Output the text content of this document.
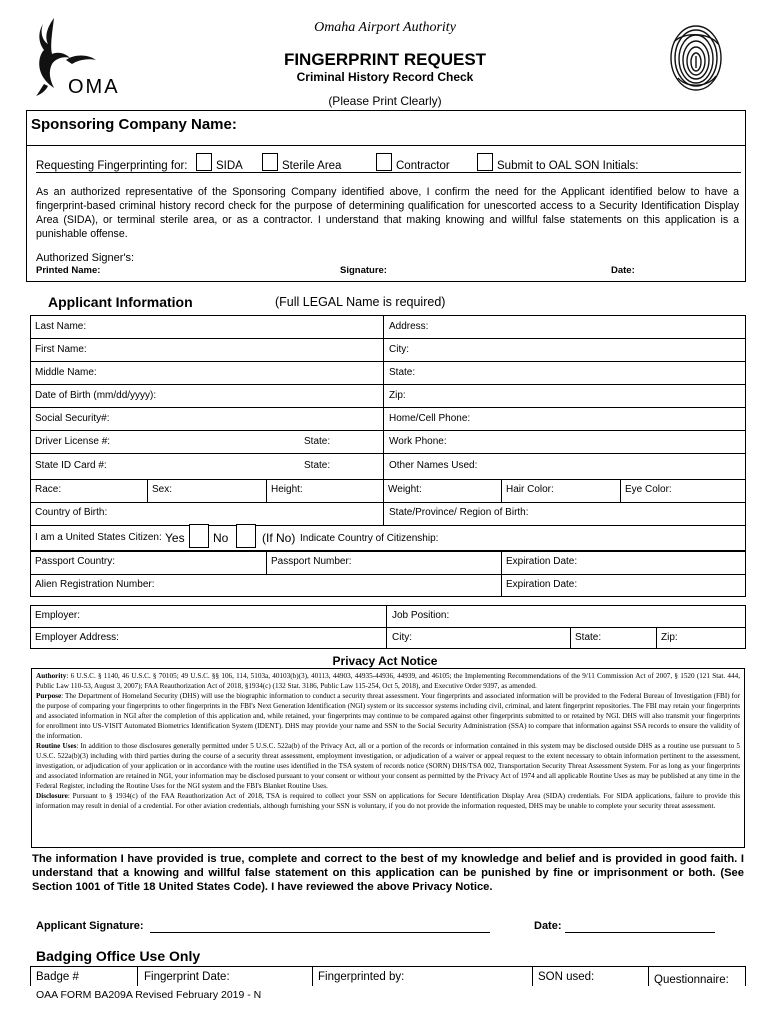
OMA
Omaha Airport Authority
FINGERPRINT REQUEST
Criminal History Record Check
(Please Print Clearly)
Sponsoring Company Name:
Requesting Fingerprinting for: SIDA	Sterile Area	Contractor	Submit to OAL SON Initials:
As an authorized representative of the Sponsoring Company identified above, I confirm the need for the Applicant identified below to have a fingerprint-based criminal history record check for the purpose of determining qualification for unescorted access to a Security Identification Display Area (SIDA), or terminal sterile area, or as a contractor. I understand that making knowing and willful false statements on this application is a punishable offense.
Authorized Signer's:
Printed Name:	Signature:	Date:
Applicant Information	(Full LEGAL Name is required)
Last Name:	Address:
First Name:	City:
Middle Name:	State:
Date of Birth (mm/dd/yyyy):	Zip:
Social Security#:	Home/Cell Phone:
Driver License #:	State:	Work Phone:
State ID Card #:	State:	Other Names Used:
Race:	Sex:	Height:	Weight:	Hair Color:	Eye Color:
Country of Birth:	State/Province/ Region of Birth:
I am a United States Citizen: Yes No	(If No) Indicate Country of Citizenship:
Passport Country:	Passport Number:	Expiration Date:
Alien Registration Number:	Expiration Date:
Employer:	Job Position:
Employer Address:	City:	State:	Zip:
Privacy Act Notice

Authority: 6 U.S.C. § 1140, 46 U.S.C. § 70105; 49 U.S.C. §§ 106, 114, 5103a, 40103(b)(3), 40113, 44903, 44935-44936, 44939, and 46105; the Implementing Recommendations of the 9/11 Commission Act of 2007, § 1520 (121 Stat. 444, Public Law 110-53, August 3, 2007); FAA Reauthorization Act of 2018, §1934(c) (132 Stat. 3186, Public Law 115-254, Oct 5, 2018), and Executive Order 9397, as amended.

Purpose: The Department of Homeland Security (DHS) will use the biographic information to conduct a security threat assessment. Your fingerprints and associated information will be provided to the Federal Bureau of Investigation (FBI) for the purpose of comparing your fingerprints to other fingerprints in the FBI's Next Generation Identification (NGI) system or its successor systems including civil, criminal, and latent fingerprint repositories. The FBI may retain your fingerprints and associated information in NGI after the completion of this application and, while retained, your fingerprints may continue to be compared against other fingerprints submitted to or retained by NGI. DHS will also transmit your fingerprints for enrollment into US-VISIT Automated Biometrics Identification System (IDENT). DHS may provide your name and SSN to the Social Security Administration (SSA) to compare that information against SSA records to ensure the validity of the information.

Routine Uses: In addition to those disclosures generally permitted under 5 U.S.C. 522a(b) of the Privacy Act, all or a portion of the records or information contained in this system may be disclosed outside DHS as a routine use pursuant to 5 U.S.C. 522a(b)(3) including with third parties during the course of a security threat assessment, employment investigation, or adjudication of a waiver or appeal request to the extent necessary to obtain information pertinent to the assessment, investigation, or adjudication of your application or in accordance with the routine uses identified in the TSA system of records notice (SORN) DHS/TSA 002, Transportation Security Threat Assessment System. For as long as your fingerprints and associated information are retained in NGI, your information may be disclosed pursuant to your consent or without your consent as permitted by the Privacy Act of 1974 and all applicable Routine Uses as may be published at any time in the Federal Register, including the Routine Uses for the NGI system and the FBI's Blanket Routine Uses.

Disclosure: Pursuant to § 1934(c) of the FAA Reauthorization Act of 2018, TSA is required to collect your SSN on applications for Secure Identification Display Area (SIDA) credentials. For SIDA applications, failure to provide this information may result in denial of a credential. For other aviation credentials, although furnishing your SSN is voluntary, if you do not provide the information requested, DHS may be unable to complete your security threat assessment.

The information I have provided is true, complete and correct to the best of my knowledge and belief and is provided in good faith. I understand that a knowing and willful false statement on this application can be punished by fine or imprisonment or both. (See Section 1001 of Title 18 United States Code). I have reviewed the above Privacy Notice.
Applicant Signature:	Date:
Badging Office Use Only
Badge #	Fingerprint Date:	Fingerprinted by:	SON used:	Questionnaire:
OAA FORM BA209A Revised February 2019 - N
